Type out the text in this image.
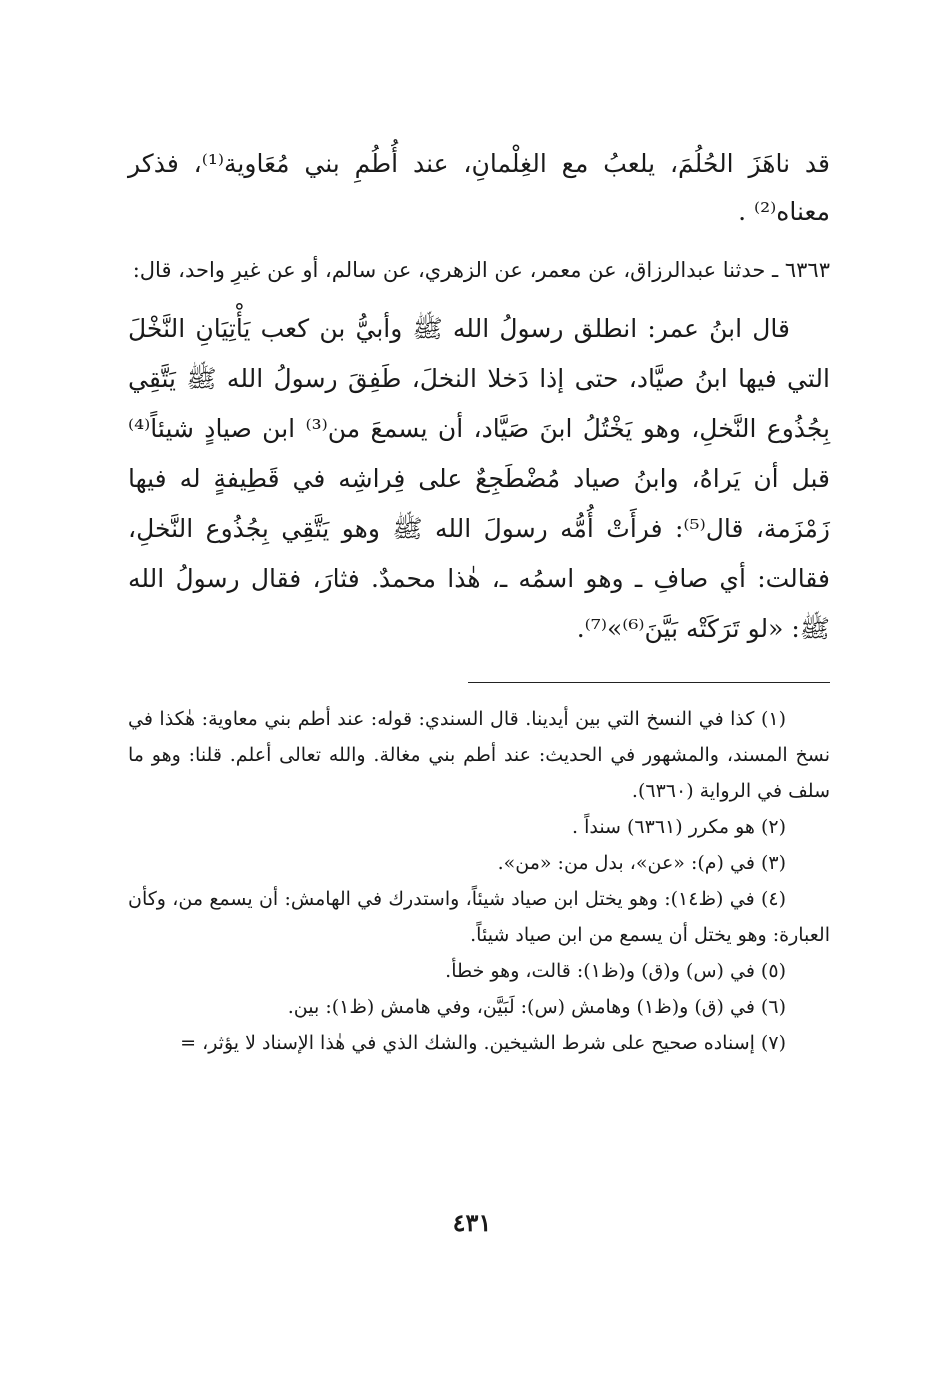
قد ناهَزَ الحُلُمَ، يلعبُ مع الغِلْمانِ، عند أُطُمِ بني مُعَاوية⁽¹⁾، فذكر معناه⁽²⁾ .

٦٣٦٣ ـ حدثنا عبدالرزاق، عن معمر، عن الزهري، عن سالم، أو عن غيرِ واحد، قال:

قال ابنُ عمر: انطلق رسولُ الله ﷺ وأبيُّ بن كعب يَأْتِيَانِ النَّخْلَ التي فيها ابنُ صيَّاد، حتى إذا دَخلا النخلَ، طَفِقَ رسولُ الله ﷺ يَتَّقِي بِجُذُوع النَّخلِ، وهو يَخْتُلُ ابنَ صَيَّاد، أن يسمعَ من⁽³⁾ ابن صيادٍ شيئاً⁽⁴⁾ قبل أن يَراهُ، وابنُ صياد مُضْطَجِعٌ على فِراشِه في قَطِيفةٍ له فيها زَمْزَمة، قال⁽⁵⁾: فرأَتْ أُمُّه رسولَ الله ﷺ وهو يَتَّقِي بِجُذُوع النَّخلِ، فقالت: أي صافِ ـ وهو اسمُه ـ، هٰذا محمدٌ. فثارَ، فقال رسولُ الله ﷺ: «لو تَرَكَتْه بَيَّنَ⁽⁶⁾»⁽⁷⁾.

(١) كذا في النسخ التي بين أيدينا. قال السندي: قوله: عند أطم بني معاوية: هٰكذا في نسخ المسند، والمشهور في الحديث: عند أطم بني مغالة. والله تعالى أعلم. قلنا: وهو ما سلف في الرواية (٦٣٦٠).

(٢) هو مكرر (٦٣٦١) سنداً .

(٣) في (م): «عن»، بدل من: «من».

(٤) في (ظ١٤): وهو يختل ابن صياد شيئاً، واستدرك في الهامش: أن يسمع من، وكأن العبارة: وهو يختل أن يسمع من ابن صياد شيئاً.

(٥) في (س) و(ق) و(ظ١): قالت، وهو خطأ.

(٦) في (ق) و(ظ١) وهامش (س): لَبَيَّن، وفي هامش (ظ١): بين.

(٧) إسناده صحيح على شرط الشيخين. والشك الذي في هٰذا الإسناد لا يؤثر، =

٤٣١
